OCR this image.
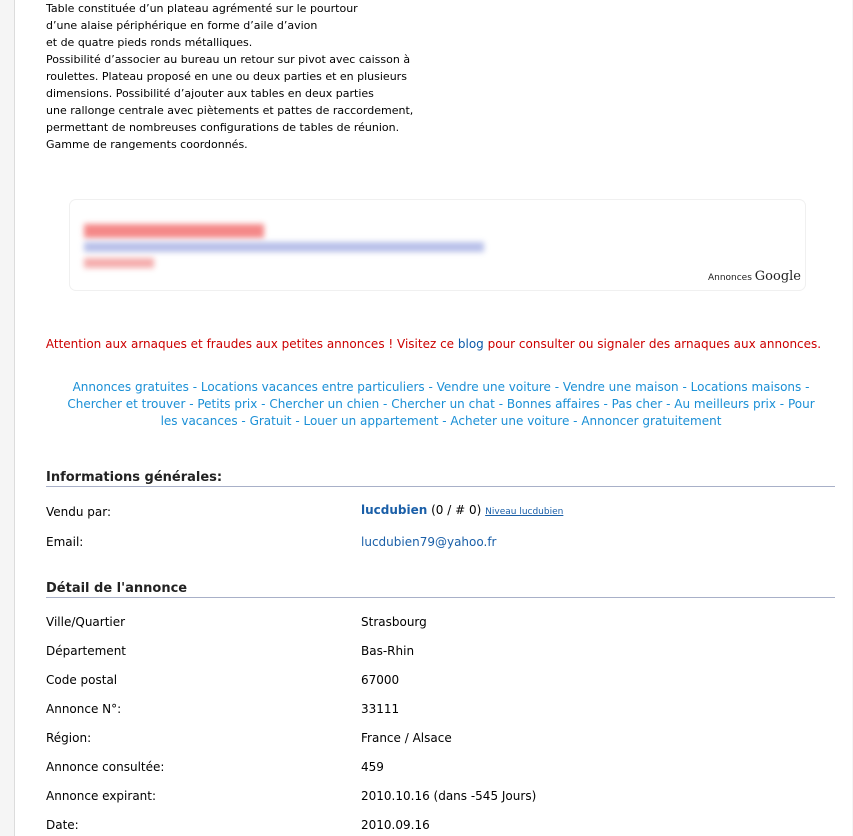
Table constituée d’un plateau agrémenté sur le pourtour
d’une alaise périphérique en forme d’aile d’avion
et de quatre pieds ronds métalliques.
Possibilité d’associer au bureau un retour sur pivot avec caisson à
roulettes. Plateau proposé en une ou deux parties et en plusieurs
dimensions. Possibilité d’ajouter aux tables en deux parties
une rallonge centrale avec piètements et pattes de raccordement,
permettant de nombreuses configurations de tables de réunion.
Gamme de rangements coordonnés.
Annonces Google
Attention aux arnaques et fraudes aux petites annonces ! Visitez ce blog pour consulter ou signaler des arnaques aux annonces.
Annonces gratuites - Locations vacances entre particuliers - Vendre une voiture - Vendre une maison - Locations maisons - Chercher et trouver - Petits prix - Chercher un chien - Chercher un chat - Bonnes affaires - Pas cher - Au meilleurs prix - Pour les vacances - Gratuit - Louer un appartement - Acheter une voiture - Annoncer gratuitement
Informations générales:
Vendu par:	lucdubien (0 / # 0) Niveau lucdubien
Email:	lucdubien79@yahoo.fr
Détail de l'annonce
Ville/Quartier	Strasbourg
Département	Bas-Rhin
Code postal	67000
Annonce N°:	33111
Région:	France / Alsace
Annonce consultée:	459
Annonce expirant:	2010.10.16 (dans -545 Jours)
Date:	2010.09.16
